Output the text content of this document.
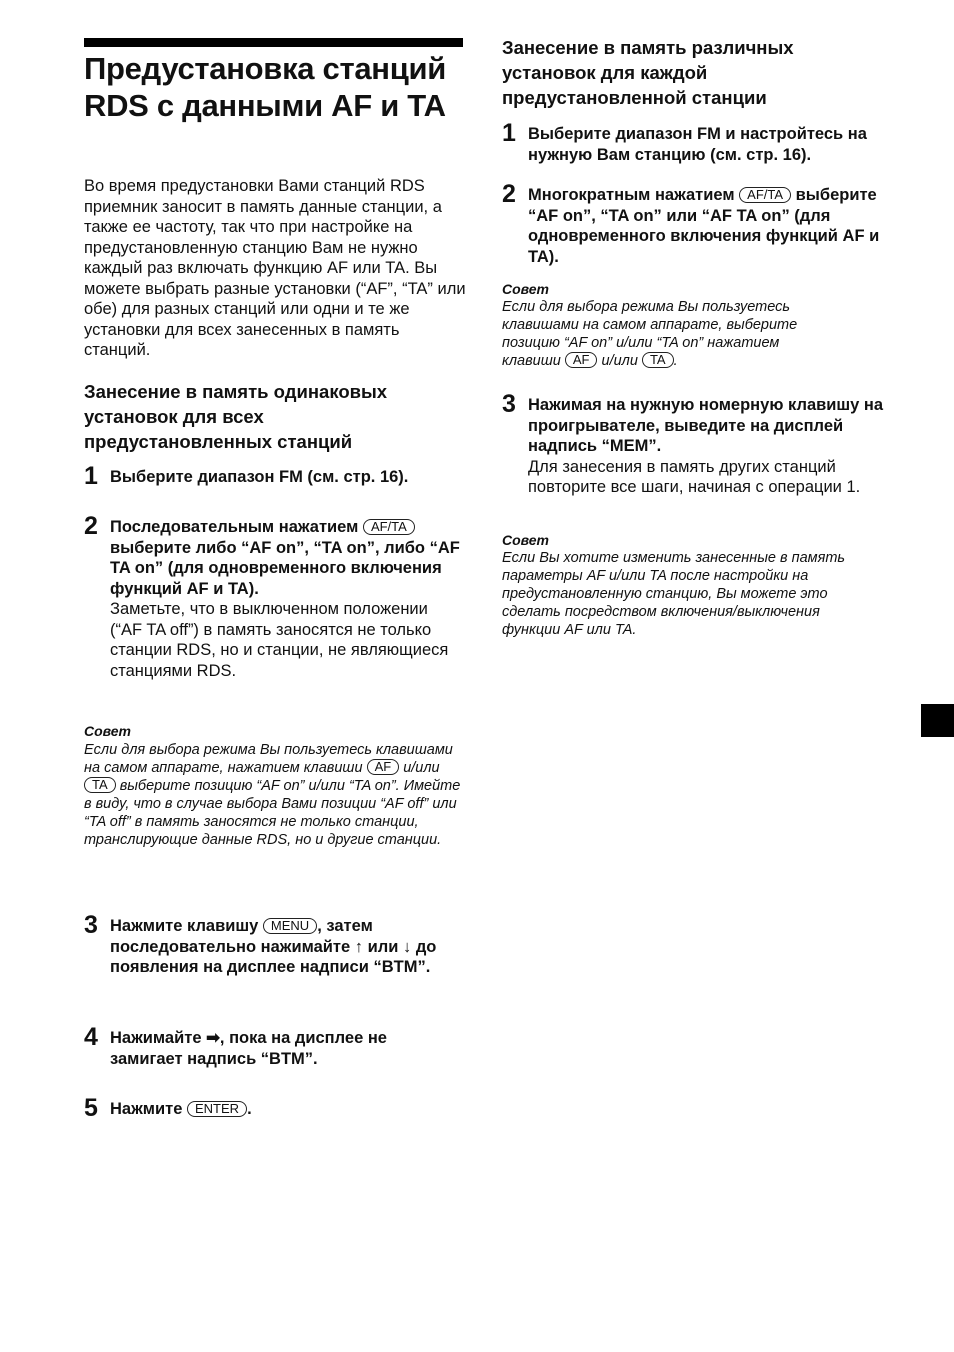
Предустановка станций RDS с данными AF и TA

Во время предустановки Вами станций RDS приемник заносит в память данные станции, а также ее частоту, так что при настройке на предустановленную станцию Вам не нужно каждый раз включать функцию AF или TA. Вы можете выбрать разные установки (“AF”, “TA” или обе) для разных станций или одни и те же установки для всех занесенных в память станций.

Занесение в память одинаковых установок для всех предустановленных станций
1 Выберите диапазон FM (см. стр. 16).
2 Последовательным нажатием AF/TA выберите либо “AF on”, “TA on”, либо “AF TA on” (для одновременного включения функций AF и TA).
Заметьте, что в выключенном положении (“AF TA off”) в память заносятся не только станции RDS, но и станции, не являющиеся станциями RDS.
Совет

Если для выбора режима Вы пользуетесь клавишами на самом аппарате, нажатием клавиши AF и/или TA выберите позицию “AF on” и/или “TA on”. Имейте в виду, что в случае выбора Вами позиции “AF off” или “TA off” в память заносятся не только станции, транслирующие данные RDS, но и другие станции.

3 Нажмите клавишу MENU , затем последовательно нажимайте ↑ или ↓ до появления на дисплее надписи “BTM”.
4 Нажимайте ➡, пока на дисплее не замигает надпись “BTM”.
5 Нажмите ENTER .
Занесение в память различных установок для каждой предустановленной станции
1 Выберите диапазон FM и настройтесь на нужную Вам станцию (см. стр. 16).
2 Многократным нажатием AF/TA выберите “AF on”, “TA on” или “AF TA on” (для одновременного включения функций AF и TA).
Совет

Если для выбора режима Вы пользуетесь клавишами на самом аппарате, выберите позицию “AF on” и/или “TA on” нажатием клавиши AF и/или TA .

3 Нажимая на нужную номерную клавишу на проигрывателе, выведите на дисплей надпись “MEM”.
Для занесения в память других станций повторите все шаги, начиная с операции 1.
Совет

Если Вы хотите изменить занесенные в память параметры AF и/или TA после настройки на предустановленную станцию, Вы можете это сделать посредством включения/выключения функции AF или TA.
